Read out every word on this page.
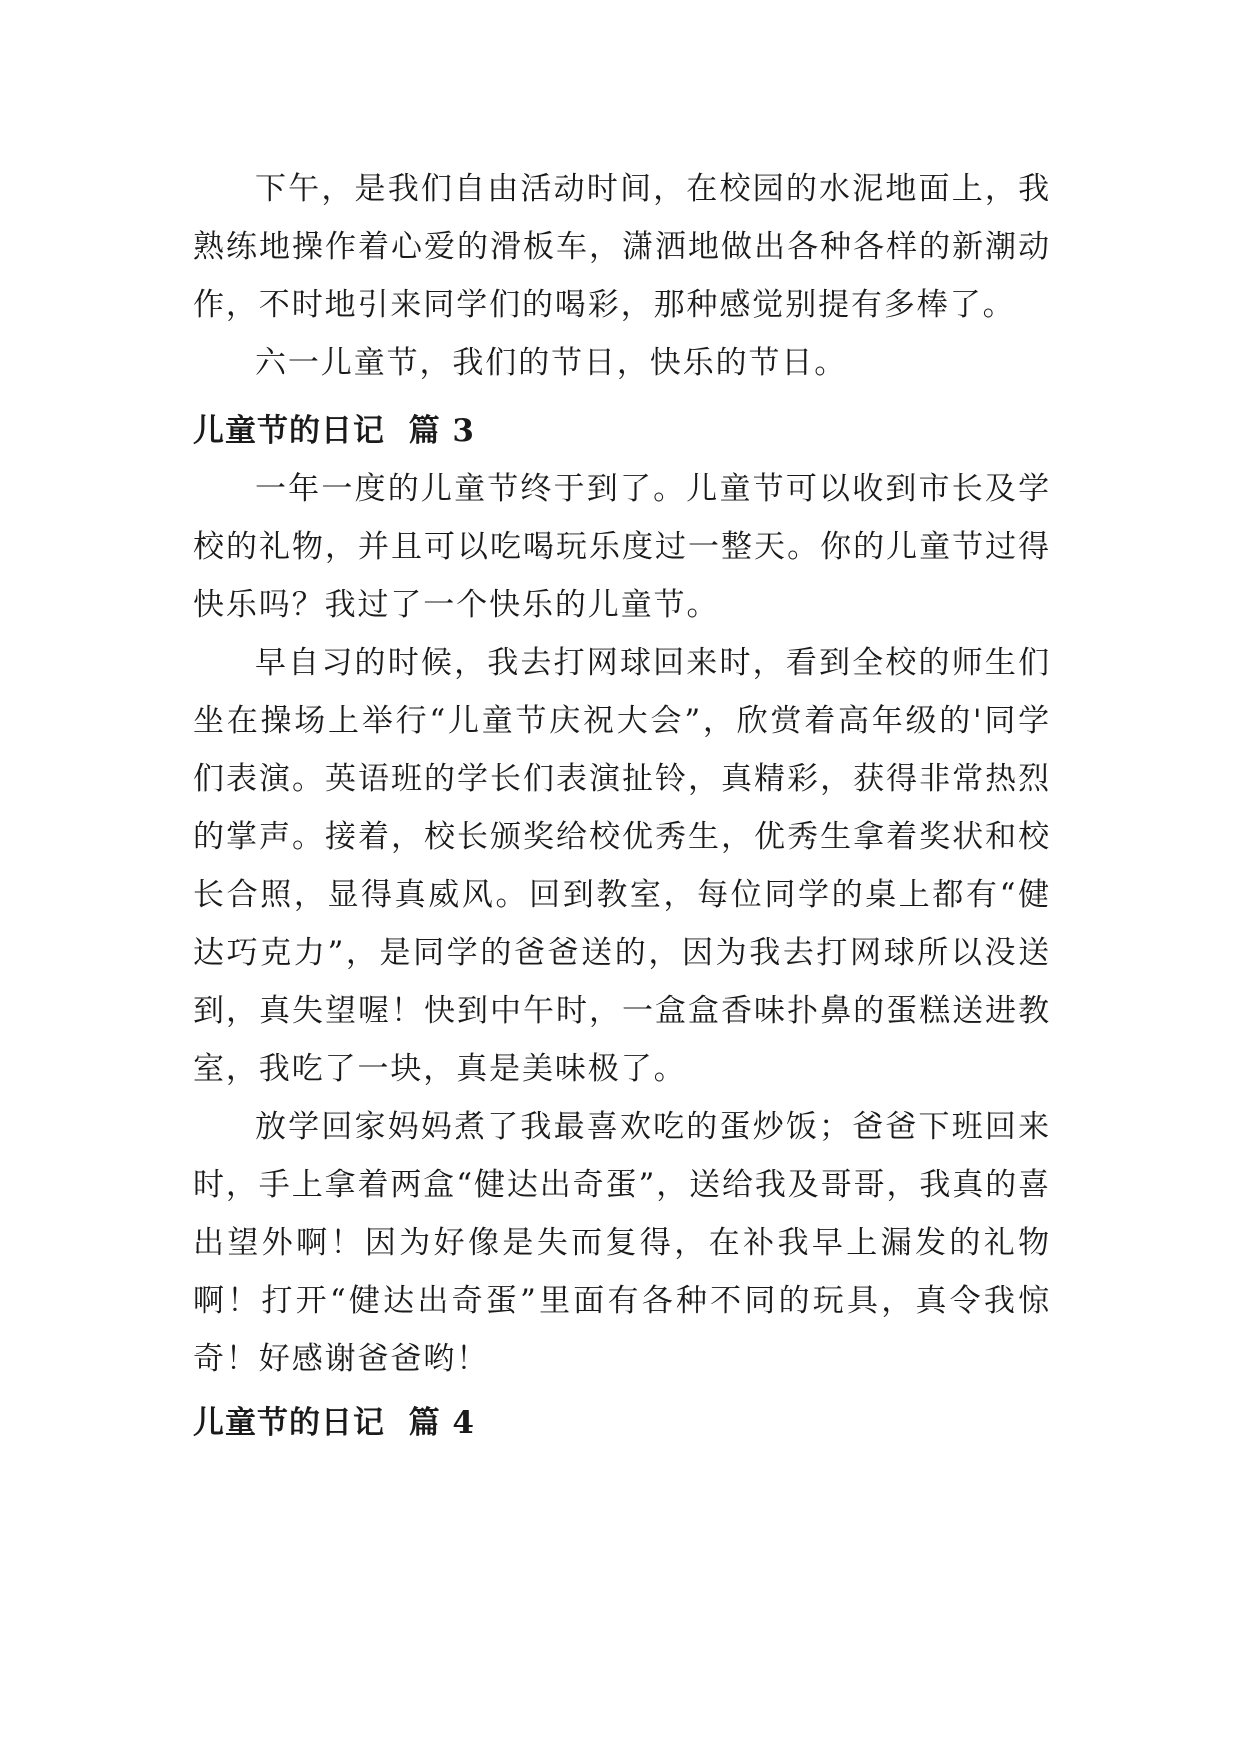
下午，是我们自由活动时间，在校园的水泥地面上，我熟练地操作着心爱的滑板车，潇洒地做出各种各样的新潮动作，不时地引来同学们的喝彩，那种感觉别提有多棒了。

六一儿童节，我们的节日，快乐的节日。

儿童节的日记  篇 3

一年一度的儿童节终于到了。儿童节可以收到市长及学校的礼物，并且可以吃喝玩乐度过一整天。你的儿童节过得快乐吗？我过了一个快乐的儿童节。

早自习的时候，我去打网球回来时，看到全校的师生们坐在操场上举行“儿童节庆祝大会”，欣赏着高年级的'同学们表演。英语班的学长们表演扯铃，真精彩，获得非常热烈的掌声。接着，校长颁奖给校优秀生，优秀生拿着奖状和校长合照，显得真威风。回到教室，每位同学的桌上都有“健达巧克力”，是同学的爸爸送的，因为我去打网球所以没送到，真失望喔！快到中午时，一盒盒香味扑鼻的蛋糕送进教室，我吃了一块，真是美味极了。

放学回家妈妈煮了我最喜欢吃的蛋炒饭；爸爸下班回来时，手上拿着两盒“健达出奇蛋”，送给我及哥哥，我真的喜出望外啊！因为好像是失而复得，在补我早上漏发的礼物啊！打开“健达出奇蛋”里面有各种不同的玩具，真令我惊奇！好感谢爸爸哟！

儿童节的日记  篇 4
